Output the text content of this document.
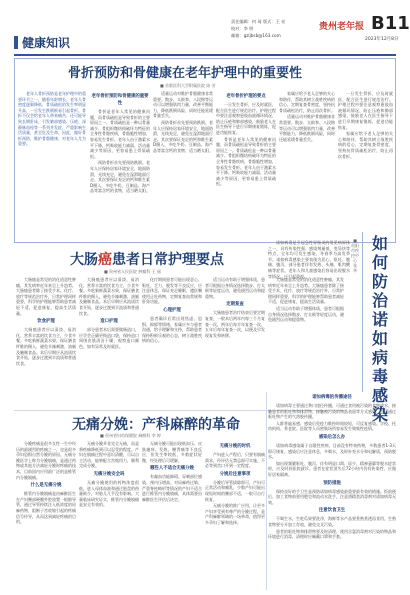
健康知识
责任编辑：何 琦 版式：王 亮
校对：李 明
邮箱：gzljbsb@163.com
贵州老年报 B11
2023年12月8日
骨折预防和骨健康在老年护理中的重要性
■ 首都医科大学附属医院 陈 芳

老年人骨折预防是老年护理中的重要环节之一，随着年龄增长，老年人骨密度逐渐降低，骨质疏松的发生率明显升高，一旦发生跌倒极易引起骨折。骨折不仅会给老年人带来痛苦，还可能导致长期卧床，引发肺部感染、压疮、深静脉血栓等一系列并发症，严重影响生活质量，甚至危及生命。因此，做好骨折预防，维护骨骼健康，对老年人尤为重要。

老年骨折预防和骨健康的重要性

骨折是老年人常见的健康问题，而骨质疏松是导致骨折的主要原因之一。骨质疏松是一种以骨量减少、骨组织微结构破坏为特征的全身性骨骼疾病，骨骼脆性增加，容易发生骨折。老年人由于激素水平下降、钙吸收能力减弱、活动量减少等原因，更容易患上骨质疏松。

预防骨折首先要预防跌倒。老年人应保持居家环境安全，地面防滑，光线充足，避免在湿滑地面行走。其次要保证充足的钙和维生素D摄入，多吃牛奶、豆制品、海产品等富含钙的食物，适当晒太阳。

适量运动对维护骨骼健康非常重要。散步、太极拳、八段锦等运动可以增强肌肉力量，改善平衡能力，降低跌倒风险，同时还能延缓骨量丢失。

预防骨折首先要预防跌倒。老年人应保持居家环境安全，地面防滑，光线充足，避免在湿滑地面行走。其次要保证充足的钙和维生素D摄入，多吃牛奶、豆制品、海产品等富含钙的食物，适当晒太阳。

老年骨折护理的要点

一旦发生骨折，应及时就医，配合医生进行规范治疗。护理过程中要注意观察患肢血液循环情况，防止压疮和肺部感染，鼓励老人在医生指导下进行早期康复锻炼，促进功能恢复。

骨折是老年人常见的健康问题，而骨质疏松是导致骨折的主要原因之一。骨质疏松是一种以骨量减少、骨组织微结构破坏为特征的全身性骨骼疾病，骨骼脆性增加，容易发生骨折。老年人由于激素水平下降、钙吸收能力减弱、活动量减少等原因，更容易患上骨质疏松。

家属应给予老人足够的关心和陪伴，帮助其树立战胜疾病的信心，定期复查骨密度，坚持抗骨质疏松治疗，防止再次骨折。

适量运动对维护骨骼健康非常重要。散步、太极拳、八段锦等运动可以增强肌肉力量，改善平衡能力，降低跌倒风险，同时还能延缓骨量丢失。

一旦发生骨折，应及时就医，配合医生进行规范治疗。护理过程中要注意观察患肢血液循环情况，防止压疮和肺部感染，鼓励老人在医生指导下进行早期康复锻炼，促进功能恢复。

家属应给予老人足够的关心和陪伴，帮助其树立战胜疾病的信心，定期复查骨密度，坚持抗骨质疏松治疗，防止再次骨折。

大肠癌患者日常护理要点
■ 贵州省人民医院 肿瘤科 王 丽

大肠癌是常见的消化道恶性肿瘤，其发病率近年来呈上升趋势。大肠癌患者除了接受手术、化疗、放疗等规范治疗外，日常护理同样重要，科学的护理能够帮助患者减轻不适，促进康复，提高生活质量。

饮食护理

大肠癌患者应以清淡、易消化、营养丰富的饮食为主，少食多餐。多吃新鲜蔬菜水果，保证膳食纤维的摄入，避免辛辣刺激、油腻及腌制食品。术后早期应从流质饮食开始，逐步过渡到半流质和普通饮食。

大肠癌患者应以清淡、易消化、营养丰富的饮食为主，少食多餐。多吃新鲜蔬菜水果，保证膳食纤维的摄入，避免辛辣刺激、油腻及腌制食品。术后早期应从流质饮食开始，逐步过渡到半流质和普通饮食。

造口护理

部分患者术后需要做肠造口，应学会正确更换造口袋，保持造口周围皮肤清洁干燥，观察造口颜色，如有异常及时就医。

化疗期间患者可能出现恶心、呕吐、乏力、脱发等不良反应，应注意休息，保证充足睡眠，遵医嘱使用止吐药物，定期复查血常规和肝肾功能。

心理护理

患者确诊后常出现焦虑、恐惧、抑郁等情绪，家属应多与患者沟通，给予理解和支持，帮助患者保持积极乐观的心态，树立战胜疾病的信心。

适当运动有助于增强体质，患者可根据自身情况选择散步、打太极等轻度运动，避免剧烈运动和提重物。

定期复查

大肠癌患者治疗结束后要定期复查，一般术后两年内每三个月复查一次，两年后每半年复查一次，五年后每年复查一次，以便及早发现复发和转移。

大肠癌是常见的消化道恶性肿瘤，其发病率近年来呈上升趋势。大肠癌患者除了接受手术、化疗、放疗等规范治疗外，日常护理同样重要，科学的护理能够帮助患者减轻不适，促进康复，提高生活质量。

适当运动有助于增强体质，患者可根据自身情况选择散步、打太极等轻度运动，避免剧烈运动和提重物。

诺如病毒是引起急性胃肠炎的常见病原体之一，具有传染性强、感染剂量低、变异快等特点，全年均可发生感染，冬春季为高发季节。诺如病毒感染主要表现为恶心、呕吐、腹痛、腹泻，部分患者伴有发热、头痛、肌肉酸痛等症状。老年人和儿童感染后容易出现脱水等情况，应引起重视。

■ 贵阳市疾控中心 张 华
如何防治诺如病毒感染
诺如病毒的传播途径

诺如病毒主要通过粪口途径传播，可通过食用被污染的食物或水、接触患者的呕吐物和排泄物、接触被污染的物品表面等方式感染，也可通过呕吐物产生的气溶胶传播。

人群普遍易感，感染后免疫力维持时间较短，可反复感染。学校、托幼机构、养老院、医院等人员密集场所容易发生聚集性疫情。

感染后怎么办

诺如病毒感染属于自限性疾病，目前没有特效药物，多数患者1-3天即可康复。感染后应注意休息，多喝水，及时补充水分和电解质，预防脱水。

如出现频繁呕吐、腹泻，伴有明显口渴、尿少、精神萎靡等脱水症状时，应及时到医院就诊。患者在症状消失后72小时内仍有传染性，应做好居家隔离。

预防措施

保持良好的手卫生是预防诺如病毒感染最重要最有效的措施。饭前便后、加工食物前要用肥皂和流动水洗手，注意酒精类消毒剂对诺如病毒无效。

注意饮食卫生

不喝生水，生吃瓜果要洗净，海鲜等水产品要煮熟煮透再食用，生熟食物要分开加工存放，避免交叉污染。

患者的呕吐物和排泄物要及时清理，使用含氯消毒剂对污染的物品和环境进行消毒，清理时应佩戴口罩和手套。

无痛分娩：产科麻醉的革命
■ 贵州省妇幼保健院 麻醉科 李 婷

分娩疼痛是很多女性一生中经历的最剧烈的疼痛之一，也是很多孕妇恐惧自然分娩的原因。无痛分娩医学上称为分娩镇痛，是通过药物或其他方法减轻分娩时疼痛的技术，目前国内应用最广泛的是椎管内分娩镇痛。

什么是无痛分娩

椎管内分娩镇痛是由麻醉医生在产妇腰部硬膜外腔放置一根细导管，通过导管持续注入低浓度的局麻药物，阻断子宫收缩引起的疼痛信号传导，从而达到减轻疼痛的目的。

无痛分娩并非完全无痛，而是将疼痛降低到可以忍受的程度。产妇在镇痛过程中意识清醒，可以自主活动，能够配合宫缩用力，顺利完成分娩。

无痛分娩安全吗

无痛分娩使用的药物浓度很低，进入母体血液和通过胎盘的药量极少，对胎儿几乎没有影响。大量临床研究证实，椎管内分娩镇痛是安全有效的。

无痛分娩可能出现低血压、皮肤瘙痒、发热、腰背痛等不良反应，但发生率较低，多数症状轻微，经处理后可缓解。

哪些人不适合无痛分娩

有凝血功能障碍、穿刺部位感染、颅内压增高、对局麻药过敏、严重脊柱畸形等情况的产妇不适合进行椎管内分娩镇痛，具体需要由麻醉医生评估后决定。

无痛分娩的时机

产妇进入产程后，只要有镇痛需求，经评估无禁忌即可实施，不必等到宫口开到一定程度。

分娩后注意事项

分娩后导管拔除即可，产妇可正常活动和哺乳，少数产妇可能出现短时间的腰部不适，一般可自行恢复。

无痛分娩的推广应用，让更多产妇享受到有尊严的分娩过程，是产科麻醉领域的一场革命，值得更多孕妇了解和选择。
